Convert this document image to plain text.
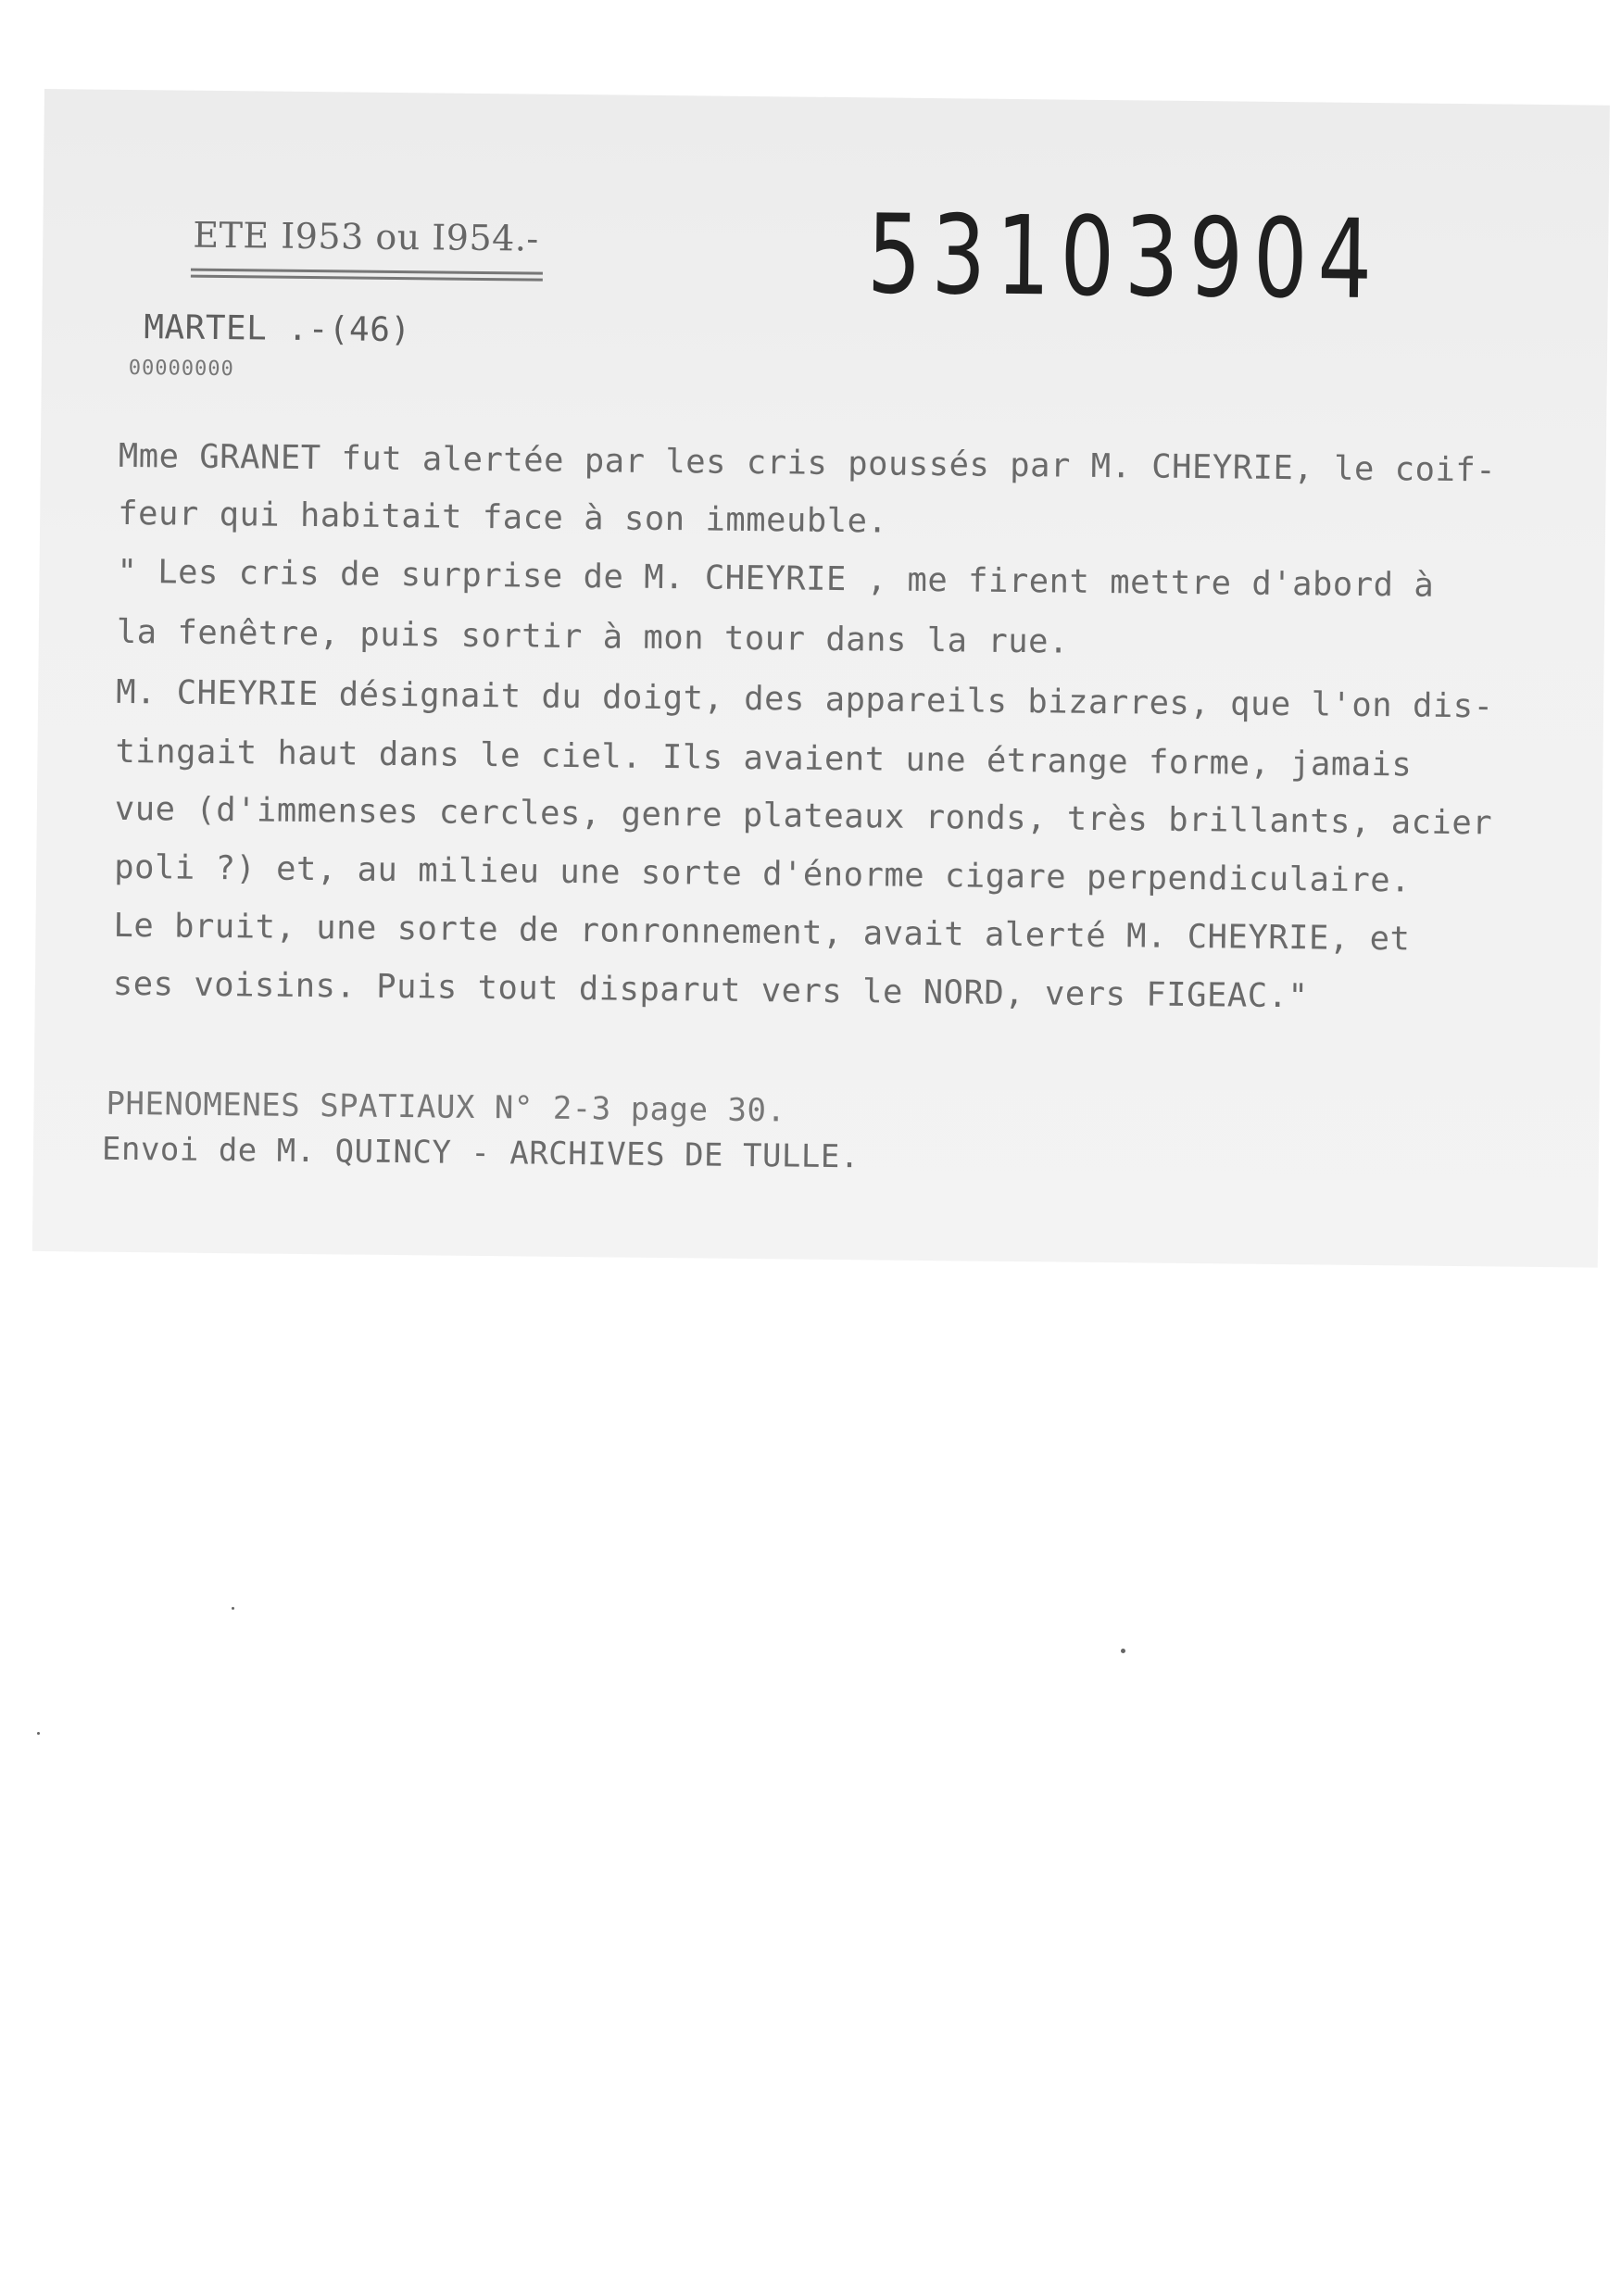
ETE I953 ou I954.-	53103904
MARTEL .-(46)
00000000
Mme GRANET fut alertée par les cris poussés par M. CHEYRIE, le coif-
feur qui habitait face à son immeuble.
" Les cris de surprise de M. CHEYRIE , me firent mettre d'abord à
la fenêtre, puis sortir à mon tour dans la rue.
M. CHEYRIE désignait du doigt, des appareils bizarres, que l'on dis-
tingait haut dans le ciel. Ils avaient une étrange forme, jamais
vue (d'immenses cercles, genre plateaux ronds, très brillants, acier
poli ?) et, au milieu une sorte d'énorme cigare perpendiculaire.
Le bruit, une sorte de ronronnement, avait alerté M. CHEYRIE, et
ses voisins. Puis tout disparut vers le NORD, vers FIGEAC."
PHENOMENES SPATIAUX N° 2-3 page 30.
Envoi de M. QUINCY - ARCHIVES DE TULLE.
